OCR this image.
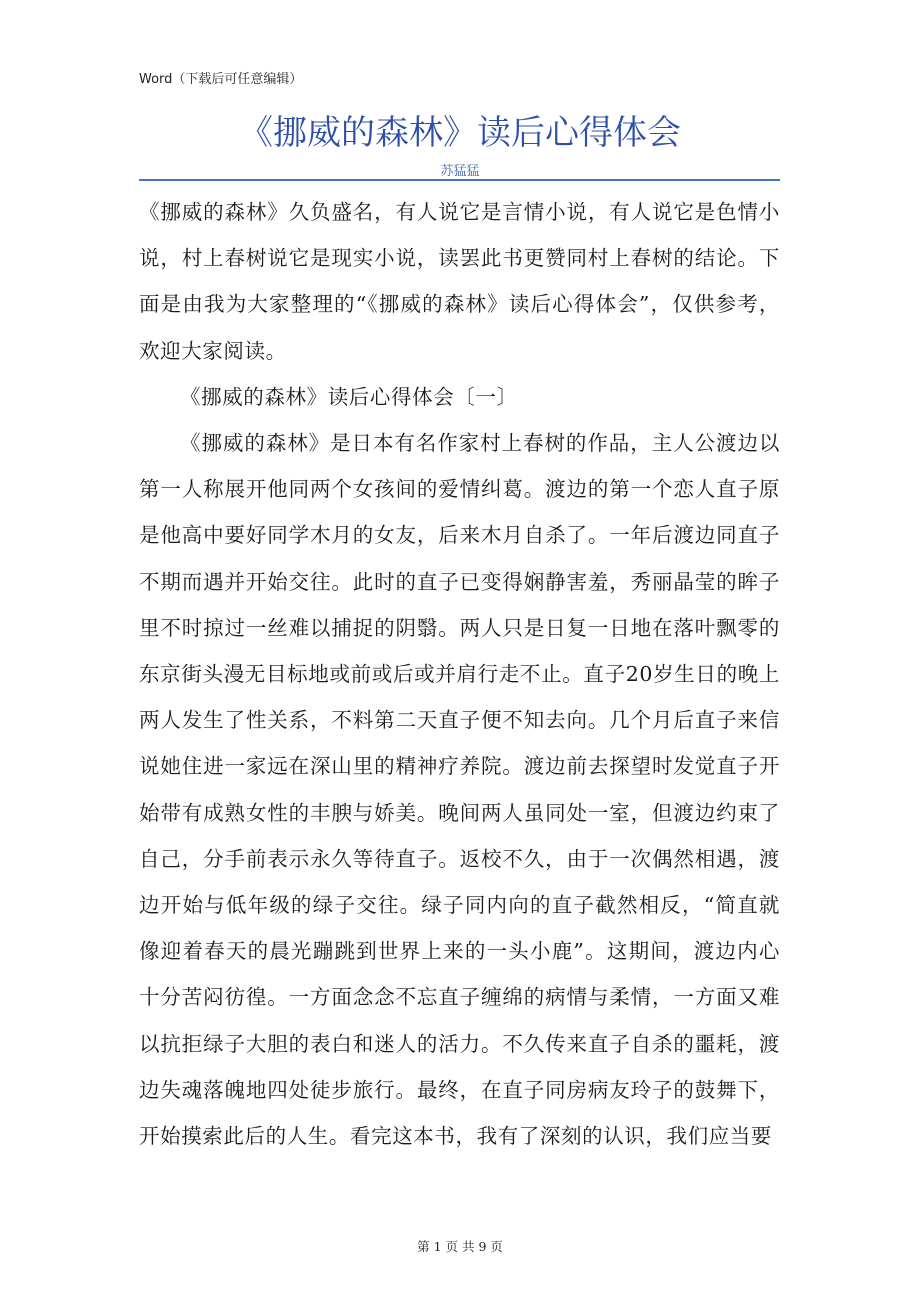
Word（下载后可任意编辑）
《挪威的森林》读后心得体会
苏猛猛

《挪威的森林》久负盛名，有人说它是言情小说，有人说它是色情小说，村上春树说它是现实小说，读罢此书更赞同村上春树的结论。下面是由我为大家整理的“《挪威的森林》读后心得体会”，仅供参考，欢迎大家阅读。

《挪威的森林》读后心得体会〔一〕

《挪威的森林》是日本有名作家村上春树的作品，主人公渡边以第一人称展开他同两个女孩间的爱情纠葛。渡边的第一个恋人直子原是他高中要好同学木月的女友，后来木月自杀了。一年后渡边同直子不期而遇并开始交往。此时的直子已变得娴静害羞，秀丽晶莹的眸子里不时掠过一丝难以捕捉的阴翳。两人只是日复一日地在落叶飘零的东京街头漫无目标地或前或后或并肩行走不止。直子20岁生日的晚上两人发生了性关系，不料第二天直子便不知去向。几个月后直子来信说她住进一家远在深山里的精神疗养院。渡边前去探望时发觉直子开始带有成熟女性的丰腴与娇美。晚间两人虽同处一室，但渡边约束了自己，分手前表示永久等待直子。返校不久，由于一次偶然相遇，渡边开始与低年级的绿子交往。绿子同内向的直子截然相反，“简直就像迎着春天的晨光蹦跳到世界上来的一头小鹿”。这期间，渡边内心十分苦闷彷徨。一方面念念不忘直子缠绵的病情与柔情，一方面又难以抗拒绿子大胆的表白和迷人的活力。不久传来直子自杀的噩耗，渡边失魂落魄地四处徒步旅行。最终，在直子同房病友玲子的鼓舞下，开始摸索此后的人生。看完这本书，我有了深刻的认识，我们应当要

第 1 页 共 9 页
